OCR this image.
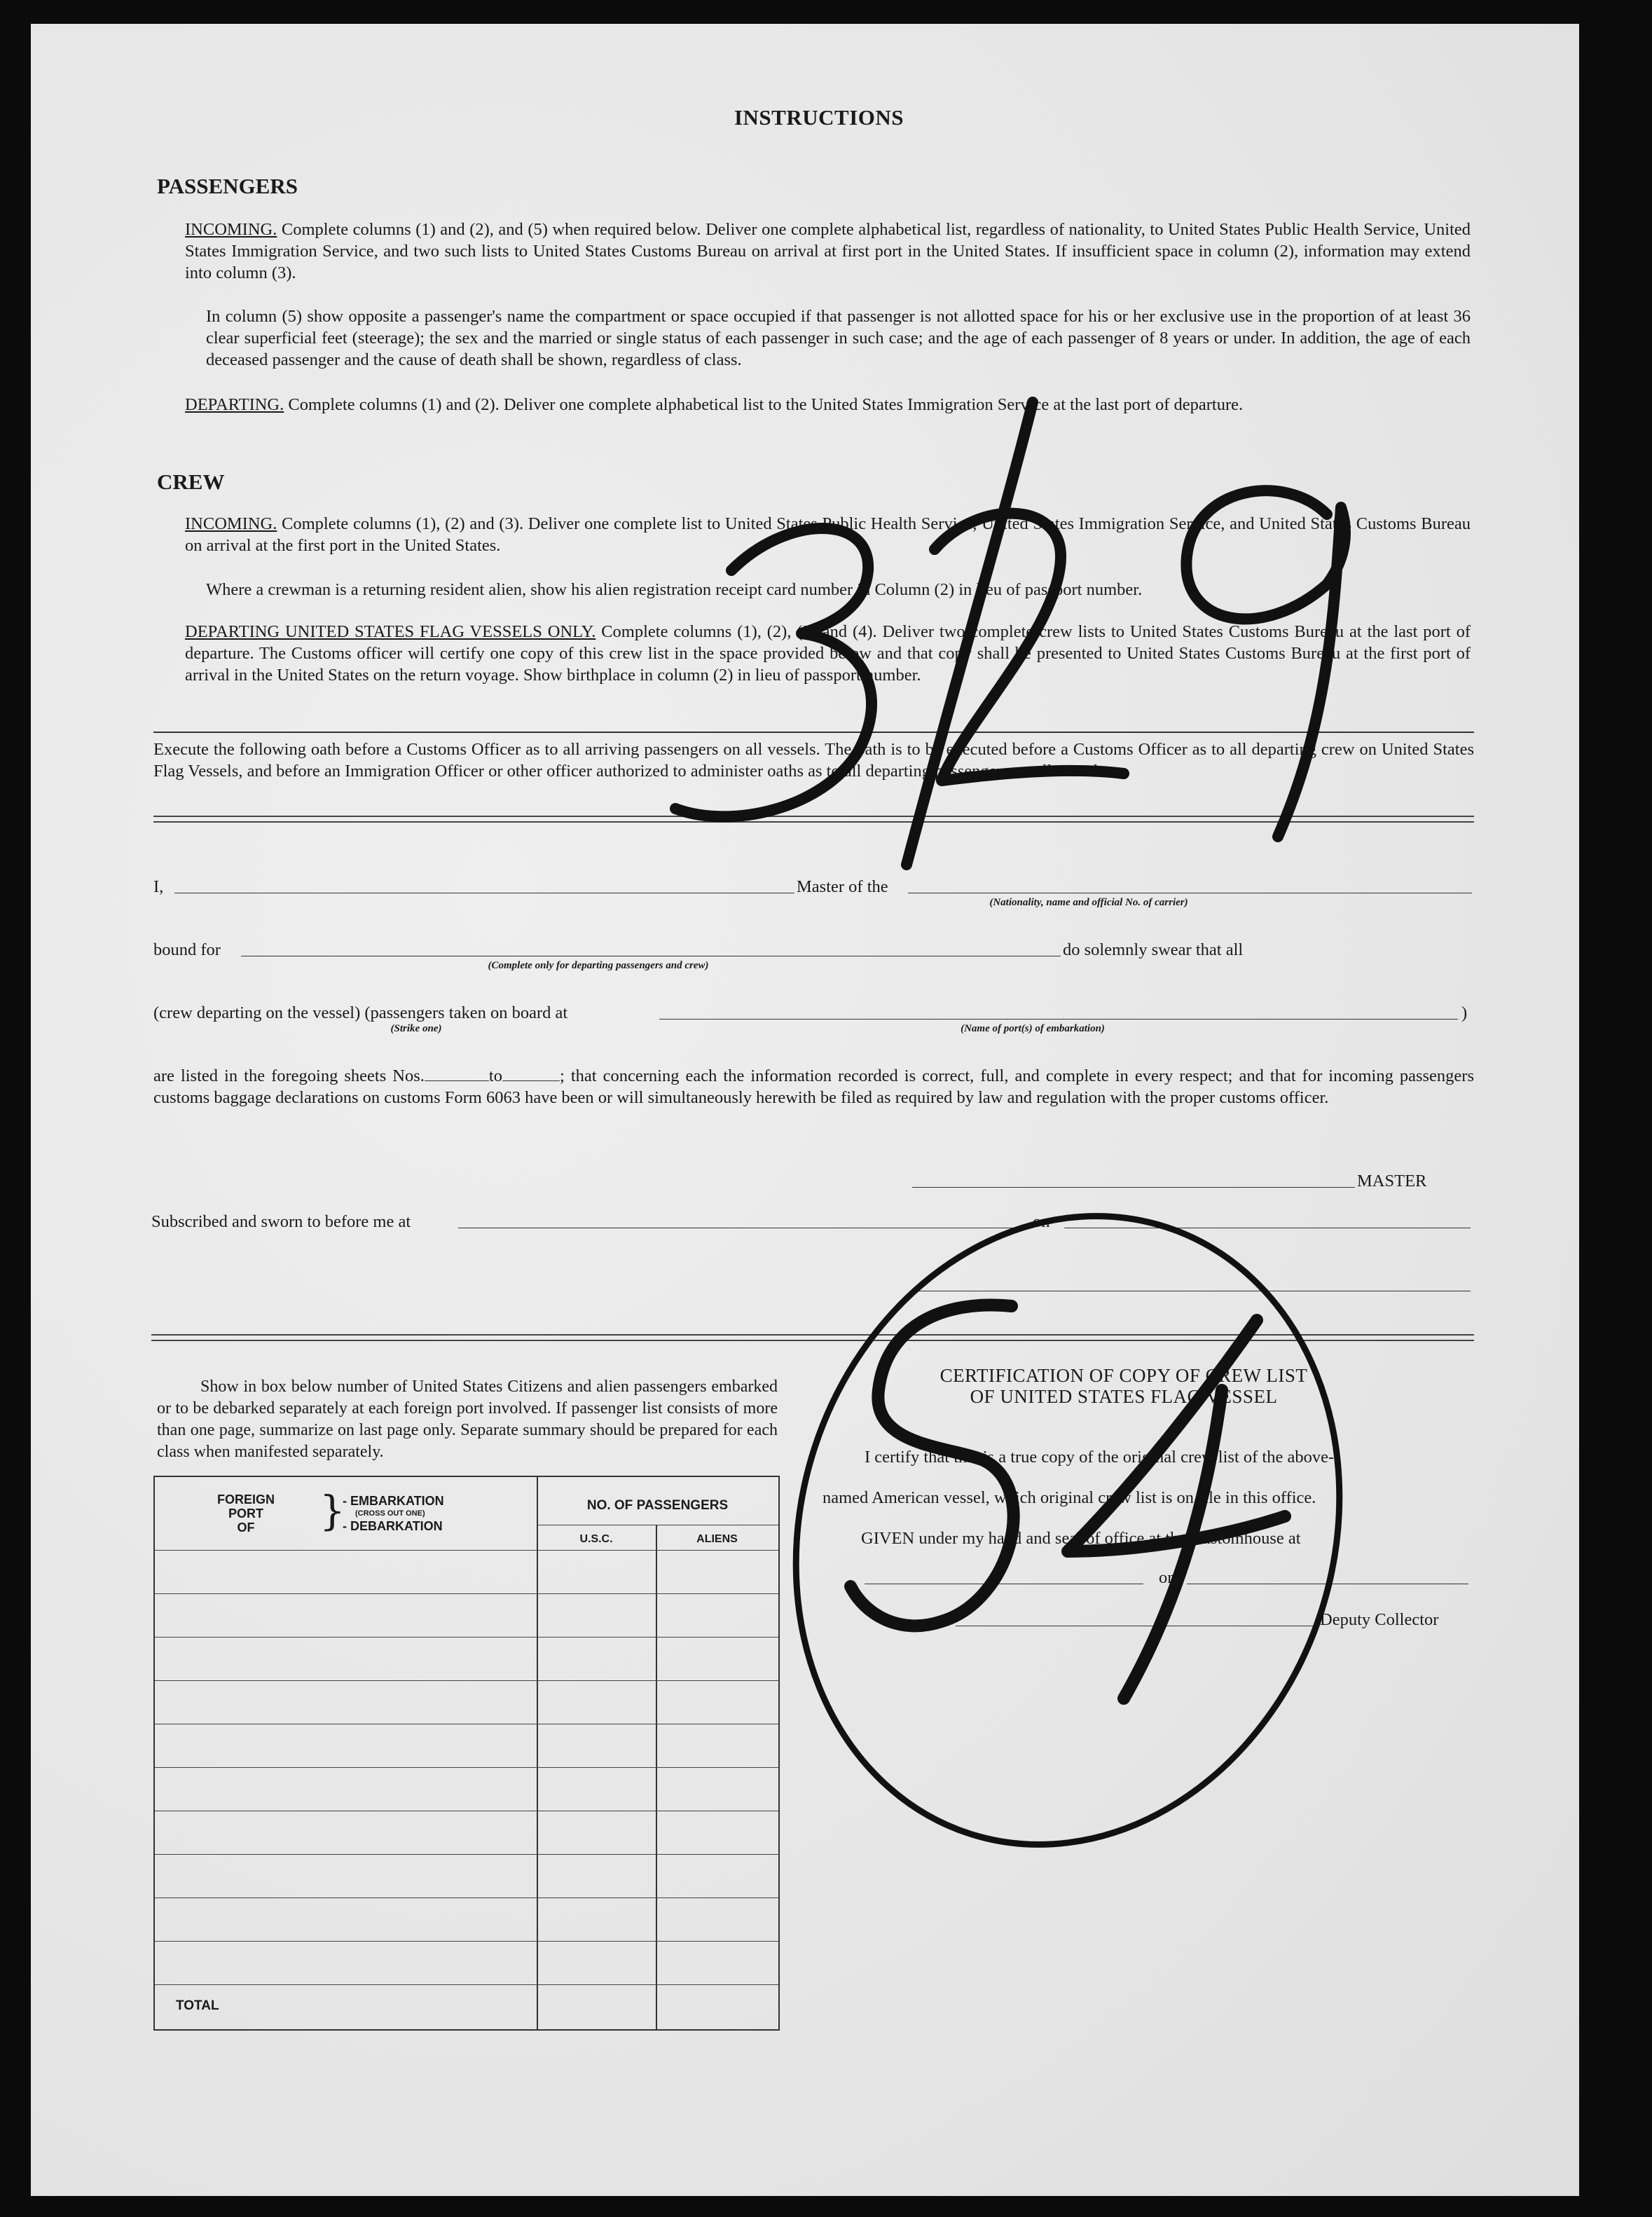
INSTRUCTIONS
PASSENGERS
INCOMING. Complete columns (1) and (2), and (5) when required below. Deliver one complete alphabetical list, regardless of nationality, to United States Public Health Service, United States Immigration Service, and two such lists to United States Customs Bureau on arrival at first port in the United States. If insufficient space in column (2), information may extend into column (3).
In column (5) show opposite a passenger's name the compartment or space occupied if that passenger is not allotted space for his or her exclusive use in the proportion of at least 36 clear superficial feet (steerage); the sex and the married or single status of each passenger in such case; and the age of each passenger of 8 years or under. In addition, the age of each deceased passenger and the cause of death shall be shown, regardless of class.
DEPARTING. Complete columns (1) and (2). Deliver one complete alphabetical list to the United States Immigration Service at the last port of departure.
CREW
INCOMING. Complete columns (1), (2) and (3). Deliver one complete list to United States Public Health Service, United States Immigration Service, and United States Customs Bureau on arrival at the first port in the United States.
Where a crewman is a returning resident alien, show his alien registration receipt card number in Column (2) in lieu of passport number.
DEPARTING UNITED STATES FLAG VESSELS ONLY. Complete columns (1), (2), (3) and (4). Deliver two complete crew lists to United States Customs Bureau at the last port of departure. The Customs officer will certify one copy of this crew list in the space provided below and that copy shall be presented to United States Customs Bureau at the first port of arrival in the United States on the return voyage. Show birthplace in column (2) in lieu of passport number.
Execute the following oath before a Customs Officer as to all arriving passengers on all vessels. The oath is to be executed before a Customs Officer as to all departing crew on United States Flag Vessels, and before an Immigration Officer or other officer authorized to administer oaths as to all departing passengers on all vessels.
I,	Master of the
(Nationality, name and official No. of carrier)
bound for
(Complete only for departing passengers and crew)
do solemnly swear that all
(crew departing on the vessel) (passengers taken on board at	)
(Strike one)	(Name of port(s) of embarkation)
are listed in the foregoing sheets Nos.	to	; that concerning each the information recorded is correct, full, and complete in every respect; and that for incoming passengers customs baggage declarations on customs Form 6063 have been or will simultaneously herewith be filed as required by law and regulation with the proper customs officer.
MASTER
Subscribed and sworn to before me at	on
Show in box below number of United States Citizens and alien passengers embarked or to be debarked separately at each foreign port involved. If passenger list consists of more than one page, summarize on last page only. Separate summary should be prepared for each class when manifested separately.
FOREIGN
PORT
OF	}
- EMBARKATION
(CROSS OUT ONE)
- DEBARKATION
NO. OF PASSENGERS
U.S.C.	ALIENS
TOTAL
CERTIFICATION OF COPY OF CREW LIST
OF UNITED STATES FLAG VESSEL
I certify that this is a true copy of the original crew list of the above-
named American vessel, which original crew list is on file in this office.
GIVEN under my hand and seal of office at the Customhouse at
on
Deputy Collector
